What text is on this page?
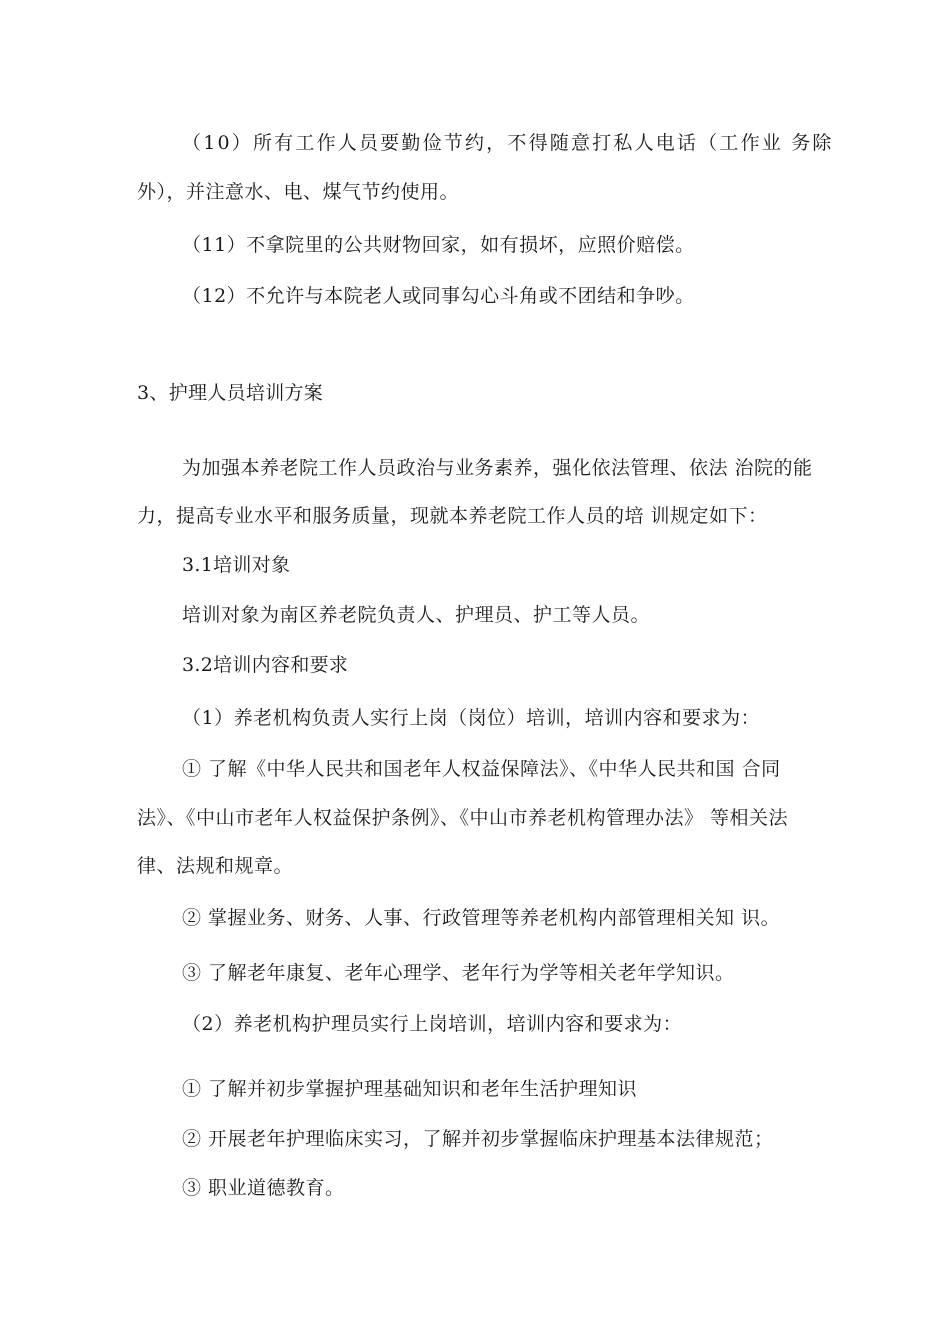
（10）所有工作人员要勤俭节约，不得随意打私人电话（工作业 务除
外），并注意水、电、煤气节约使用。
（11）不拿院里的公共财物回家，如有损坏，应照价赔偿。
（12）不允许与本院老人或同事勾心斗角或不团结和争吵。
3、护理人员培训方案
为加强本养老院工作人员政治与业务素养，强化依法管理、依法 治院的能
力，提高专业水平和服务质量，现就本养老院工作人员的培 训规定如下：
3.1培训对象
培训对象为南区养老院负责人、护理员、护工等人员。
3.2培训内容和要求
（1）养老机构负责人实行上岗（岗位）培训，培训内容和要求为：
① 了解《中华人民共和国老年人权益保障法》、《中华人民共和国 合同
法》、《中山市老年人权益保护条例》、《中山市养老机构管理办法》 等相关法
律、法规和规章。
② 掌握业务、财务、人事、行政管理等养老机构内部管理相关知 识。
③ 了解老年康复、老年心理学、老年行为学等相关老年学知识。
（2）养老机构护理员实行上岗培训，培训内容和要求为：
① 了解并初步掌握护理基础知识和老年生活护理知识
② 开展老年护理临床实习，了解并初步掌握临床护理基本法律规范；
③ 职业道德教育。
